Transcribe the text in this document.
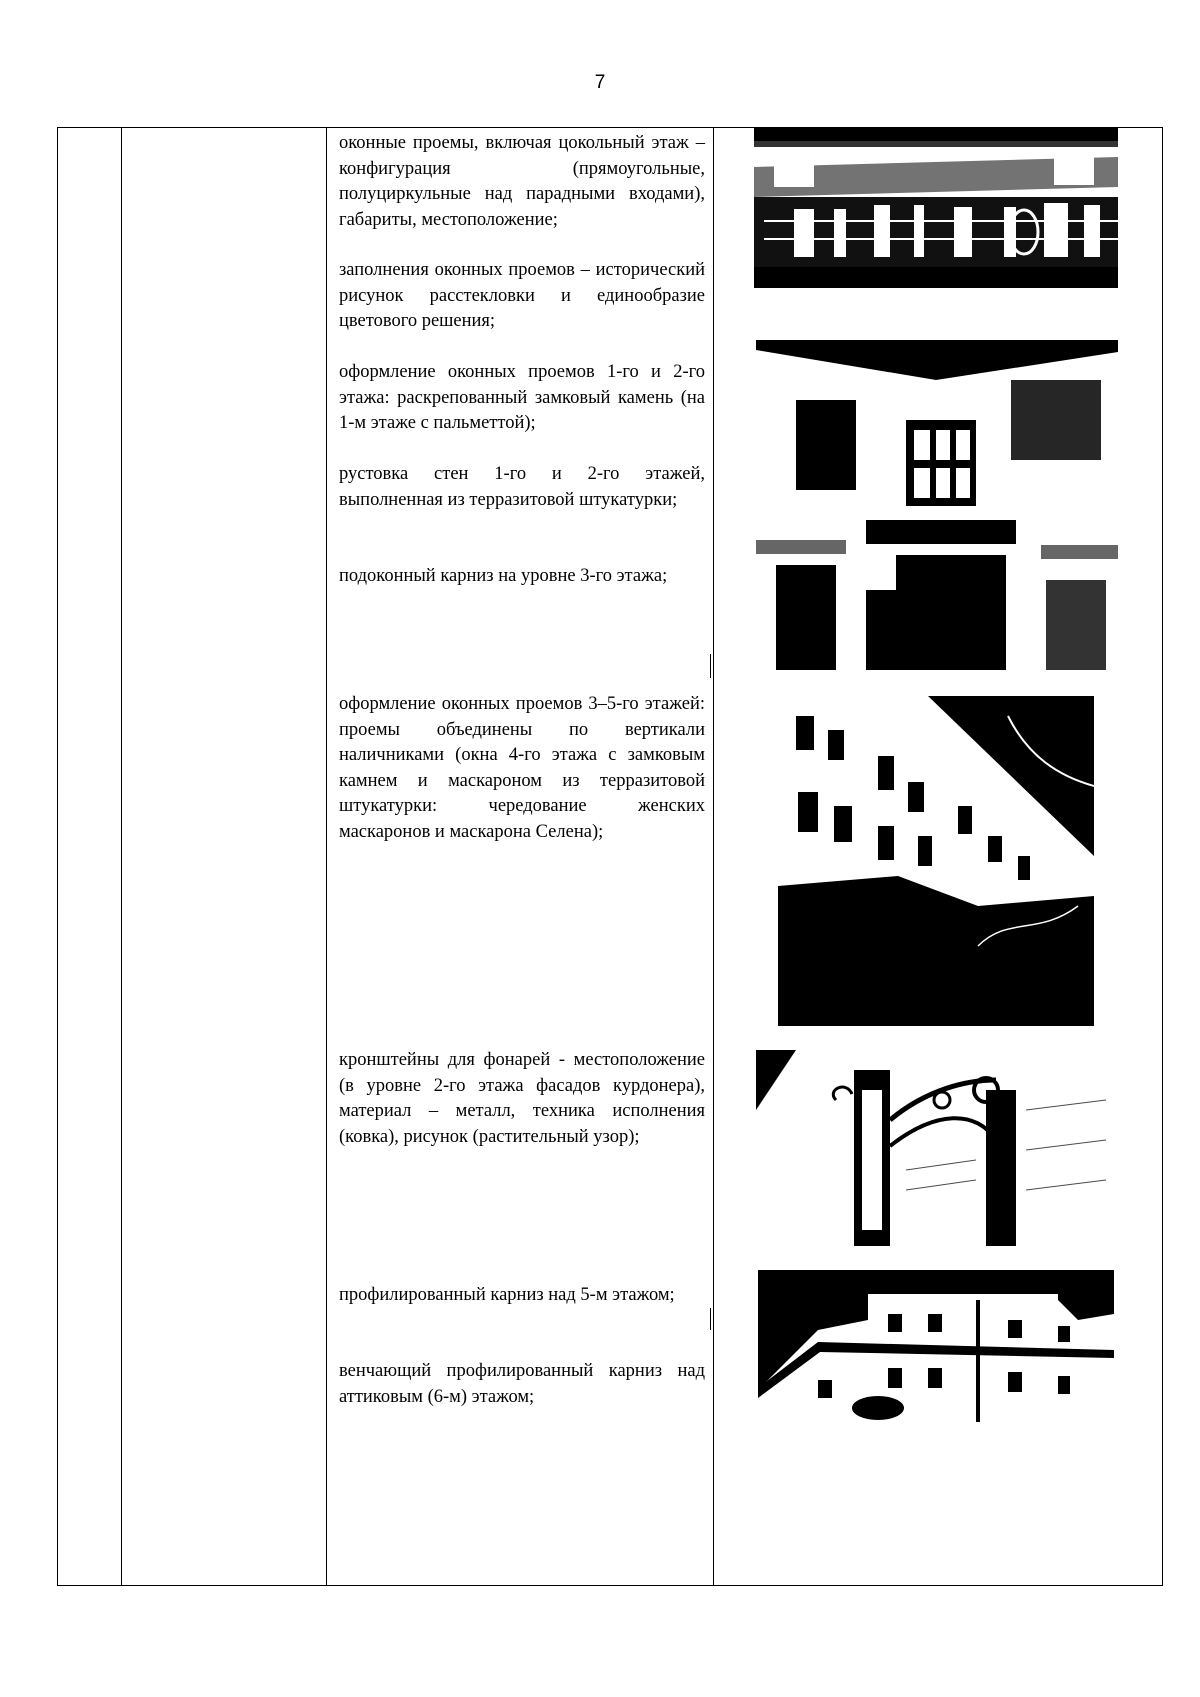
7
оконные проемы, включая цокольный этаж – конфигурация (прямоугольные, полуциркульные над парадными входами), габариты, местоположение;
заполнения оконных проемов – исторический рисунок расстекловки и единообразие цветового решения;
оформление оконных проемов 1-го и 2-го этажа: раскрепованный замковый камень (на 1-м этаже с пальметтой);
рустовка стен 1-го и 2-го этажей, выполненная из терразитовой штукатурки;
подоконный карниз на уровне 3-го этажа;
оформление оконных проемов 3–5-го этажей: проемы объединены по вертикали наличниками (окна 4-го этажа с замковым камнем и маскароном из терразитовой штукатурки: чередование женских маскаронов и маскарона Селена);
кронштейны для фонарей - местоположение (в уровне 2-го этажа фасадов курдонера), материал – металл, техника исполнения (ковка), рисунок (растительный узор);
профилированный карниз над 5-м этажом;
венчающий профилированный карниз над аттиковым (6-м) этажом;
